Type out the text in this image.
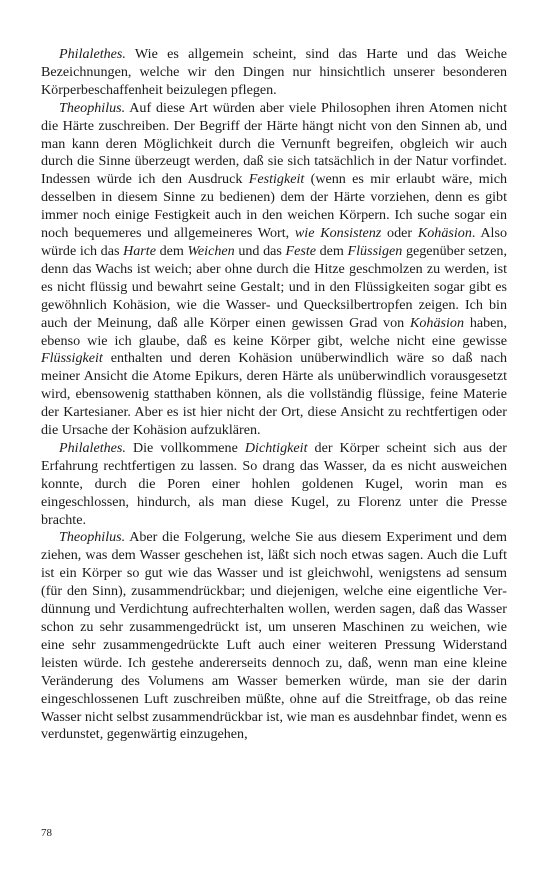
Philalethes. Wie es allgemein scheint, sind das Harte und das Weiche Bezeichnungen, welche wir den Dingen nur hinsichtlich unserer besonderen Körperbeschaffenheit beizulegen pflegen.

Theophilus. Auf diese Art würden aber viele Philosophen ihren Atomen nicht die Härte zuschreiben. Der Begriff der Härte hängt nicht von den Sinnen ab, und man kann deren Möglichkeit durch die Vernunft begreifen, obgleich wir auch durch die Sinne überzeugt werden, daß sie sich tatsächlich in der Natur vorfindet. Indessen würde ich den Ausdruck Festigkeit (wenn es mir erlaubt wäre, mich desselben in diesem Sinne zu bedienen) dem der Härte vorziehen, denn es gibt immer noch einige Festigkeit auch in den weichen Körpern. Ich suche sogar ein noch bequemeres und allgemeineres Wort, wie Konsistenz oder Kohäsion. Also würde ich das Harte dem Weichen und das Feste dem Flüssigen gegenüber setzen, denn das Wachs ist weich; aber ohne durch die Hitze geschmolzen zu werden, ist es nicht flüssig und bewahrt seine Gestalt; und in den Flüssigkeiten sogar gibt es gewöhnlich Kohäsion, wie die Wasser- und Quecksilbertropfen zeigen. Ich bin auch der Meinung, daß alle Körper einen gewissen Grad von Kohäsion haben, ebenso wie ich glaube, daß es keine Körper gibt, welche nicht eine gewisse Flüssigkeit enthalten und deren Kohäsion unüberwindlich wäre so daß nach meiner Ansicht die Atome Epikurs, deren Härte als unüberwindlich vorausgesetzt wird, ebensowenig statthaben können, als die vollständig flüssige, feine Materie der Kartesianer. Aber es ist hier nicht der Ort, diese Ansicht zu rechtfertigen oder die Ursache der Kohäsion aufzuklären.

Philalethes. Die vollkommene Dichtigkeit der Körper scheint sich aus der Erfahrung rechtfertigen zu lassen. So drang das Wasser, da es nicht ausweichen konnte, durch die Poren einer hohlen goldenen Kugel, worin man es eingeschlossen, hindurch, als man diese Kugel, zu Florenz unter die Presse brachte.

Theophilus. Aber die Folgerung, welche Sie aus diesem Experiment und dem ziehen, was dem Wasser geschehen ist, läßt sich noch etwas sagen. Auch die Luft ist ein Körper so gut wie das Wasser und ist gleichwohl, wenigstens ad sensum (für den Sinn), zusammendrückbar; und diejenigen, welche eine eigentliche Verdünnung und Verdichtung aufrechterhalten wollen, werden sagen, daß das Wasser schon zu sehr zusammengedrückt ist, um unseren Maschinen zu weichen, wie eine sehr zusammengedrückte Luft auch einer weiteren Pressung Widerstand leisten würde. Ich gestehe andererseits dennoch zu, daß, wenn man eine kleine Veränderung des Volumens am Wasser bemerken würde, man sie der darin eingeschlossenen Luft zuschreiben müßte, ohne auf die Streitfrage, ob das reine Wasser nicht selbst zusammendrückbar ist, wie man es ausdehnbar findet, wenn es verdunstet, gegenwärtig einzugehen,

78
